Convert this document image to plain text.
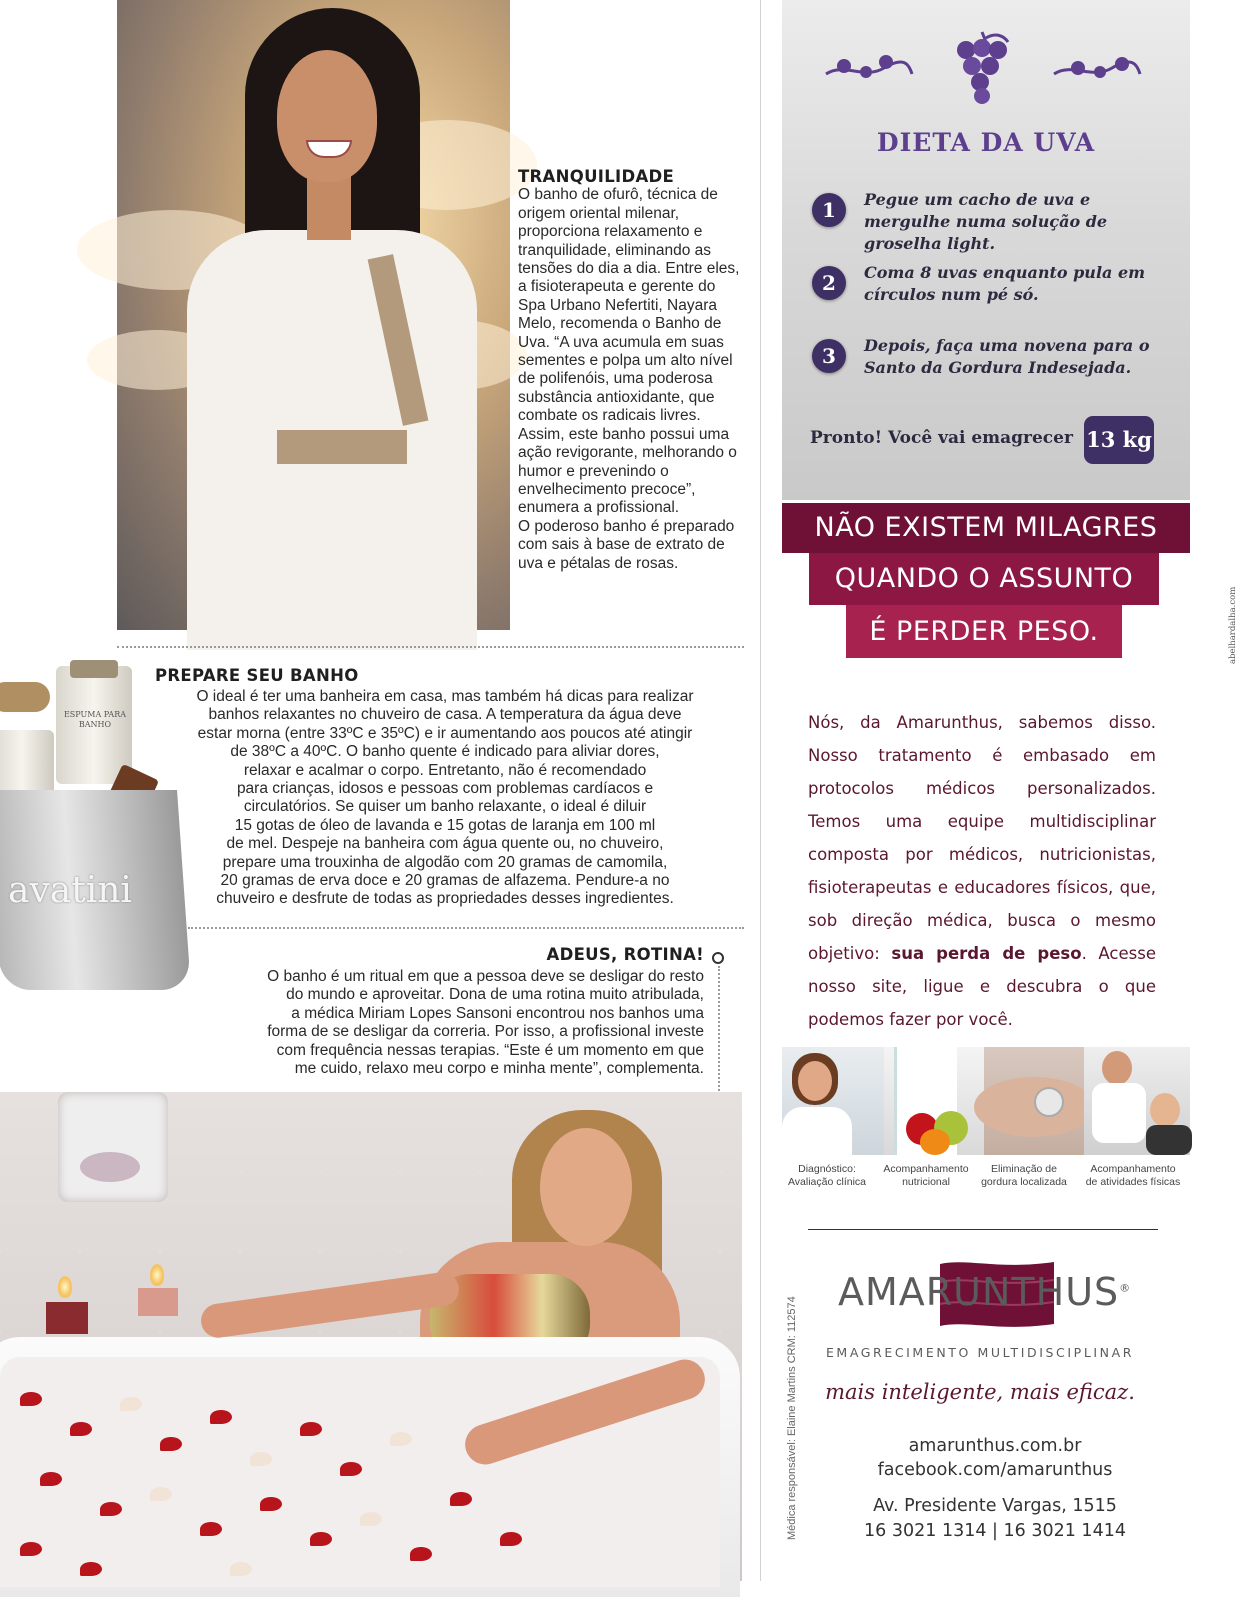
TRANQUILIDADE

O banho de ofurô, técnica de origem oriental milenar, proporciona relaxamento e tranquilidade, eliminando as tensões do dia a dia. Entre eles, a fisioterapeuta e gerente do Spa Urbano Nefertiti, Nayara Melo, recomenda o Banho de Uva. “A uva acumula em suas sementes e polpa um alto nível de polifenóis, uma poderosa substância antioxidante, que combate os radicais livres. Assim, este banho possui uma ação revigorante, melhorando o humor e prevenindo o envelhecimento precoce”, enumera a profissional.

O poderoso banho é preparado com sais à base de extrato de uva e pétalas de rosas.

ESPUMA PARA BANHO
avatini
PREPARE SEU BANHO
O ideal é ter uma banheira em casa, mas também há dicas para realizar
banhos relaxantes no chuveiro de casa. A temperatura da água deve
estar morna (entre 33ºC e 35ºC) e ir aumentando aos poucos até atingir
de 38ºC a 40ºC. O banho quente é indicado para aliviar dores,
relaxar e acalmar o corpo. Entretanto, não é recomendado
para crianças, idosos e pessoas com problemas cardíacos e
circulatórios. Se quiser um banho relaxante, o ideal é diluir
15 gotas de óleo de lavanda e 15 gotas de laranja em 100 ml
de mel. Despeje na banheira com água quente ou, no chuveiro,
prepare uma trouxinha de algodão com 20 gramas de camomila,
20 gramas de erva doce e 20 gramas de alfazema. Pendure-a no
chuveiro e desfrute de todas as propriedades desses ingredientes.
ADEUS, ROTINA!
O banho é um ritual em que a pessoa deve se desligar do resto
do mundo e aproveitar. Dona de uma rotina muito atribulada,
a médica Miriam Lopes Sansoni encontrou nos banhos uma
forma de se desligar da correria. Por isso, a profissional investe
com frequência nessas terapias. “Este é um momento em que
me cuido, relaxo meu corpo e minha mente”, complementa.
DIETA DA UVA
1	Pegue um cacho de uva e mergulhe numa solução de groselha light.
2	Coma 8 uvas enquanto pula em círculos num pé só.
3	Depois, faça uma novena para o Santo da Gordura Indesejada.
Pronto! Você vai emagrecer 13 kg
NÃO EXISTEM MILAGRES
QUANDO O ASSUNTO
É PERDER PESO.	abelhardalha.com
Nós, da Amarunthus, sabemos disso. Nosso tratamento é embasado em protocolos médicos personalizados. Temos uma equipe multidisciplinar composta por médicos, nutricionistas, fisioterapeutas e educadores físicos, que, sob direção médica, busca o mesmo objetivo: sua perda de peso. Acesse nosso site, ligue e descubra o que podemos fazer por você.
Diagnóstico:
Avaliação clínica
Acompanhamento
nutricional
Eliminação de
gordura localizada
Acompanhamento
de atividades físicas
AMARUNTHUS®
EMAGRECIMENTO MULTIDISCIPLINAR
mais inteligente, mais eficaz.
amarunthus.com.br
facebook.com/amarunthus
Av. Presidente Vargas, 1515
16 3021 1314 | 16 3021 1414
Médica responsável: Elaine Martins CRM: 112574
